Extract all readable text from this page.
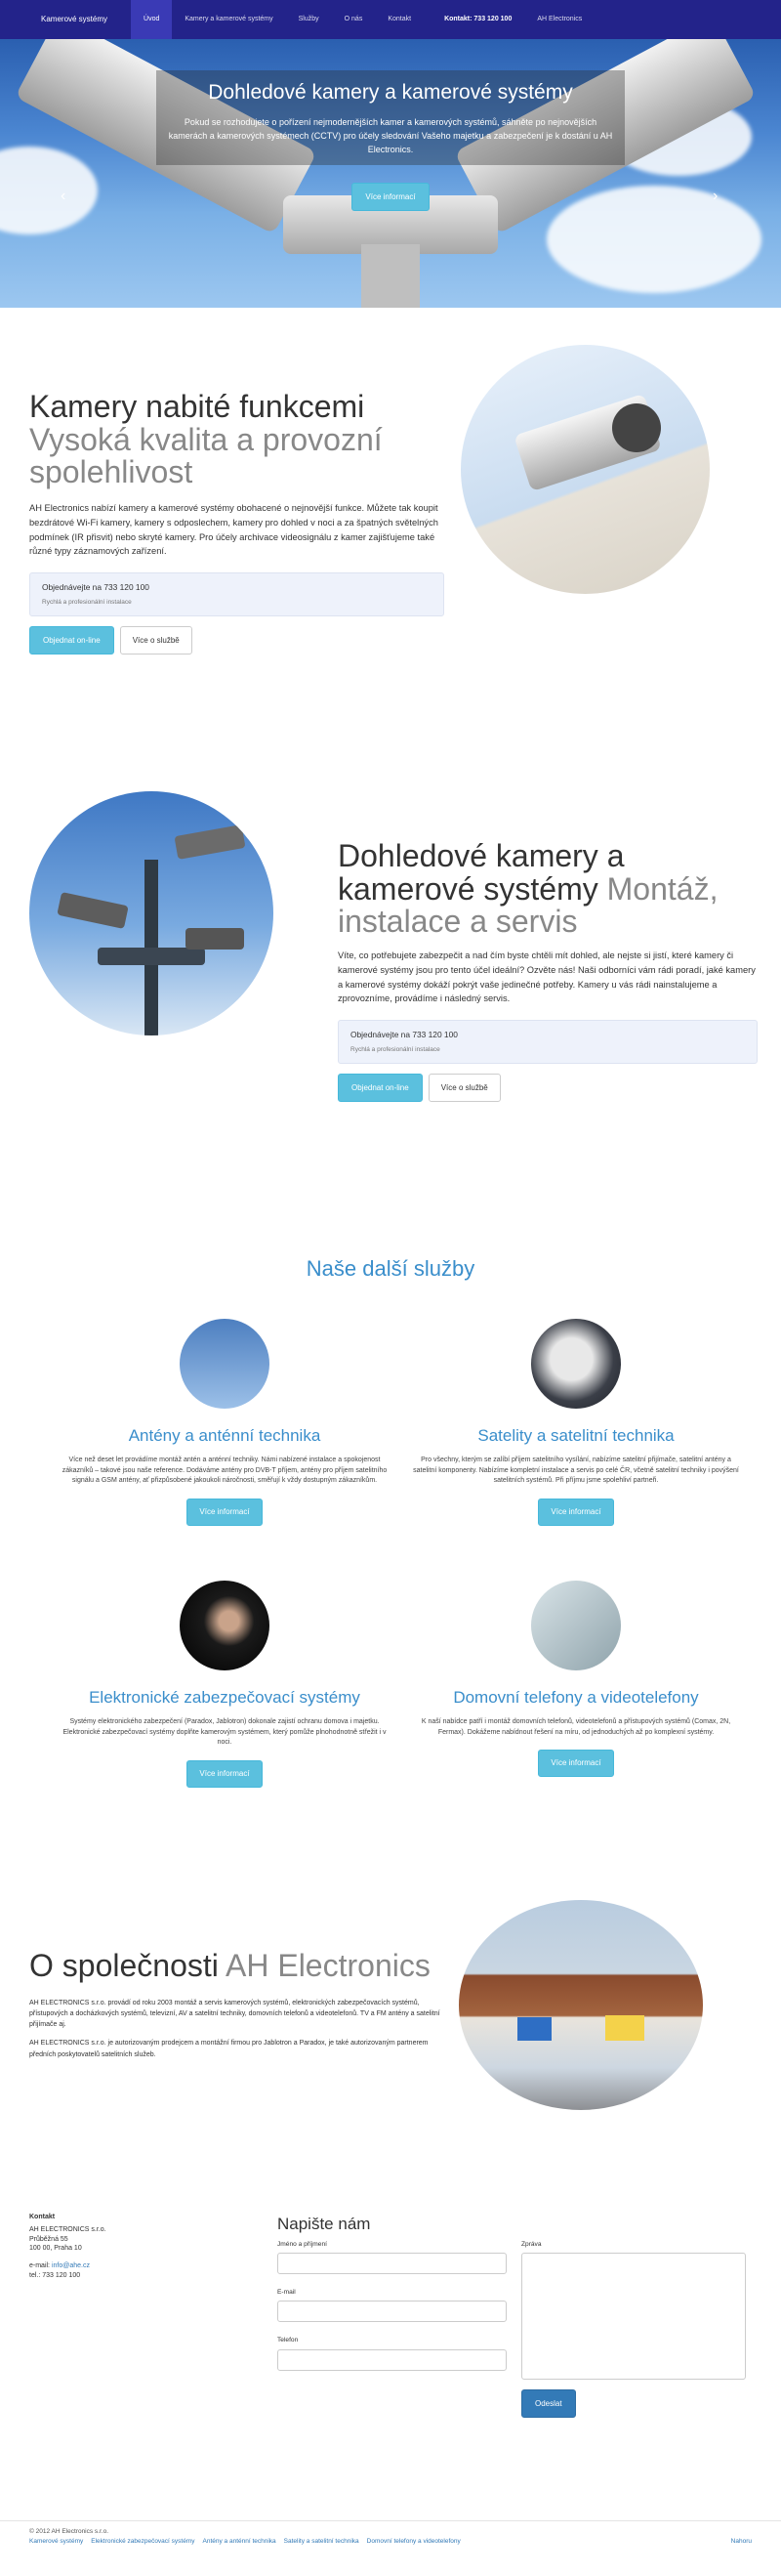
Kamerové systémy	Úvod	Kamery a kamerové systémy	Služby	O nás	Kontakt	Kontakt: 733 120 100	AH Electronics
‹	›
Dohledové kamery a kamerové systémy

Pokud se rozhodujete o pořízení nejmodernějších kamer a kamerových systémů, sáhněte po nejnovějších kamerách a kamerových systémech (CCTV) pro účely sledování Vašeho majetku a zabezpečení je k dostání u AH Electronics.

Více informací
Kamery nabité funkcemi
Vysoká kvalita a provozní spolehlivost

AH Electronics nabízí kamery a kamerové systémy obohacené o nejnovější funkce. Můžete tak koupit bezdrátové Wi-Fi kamery, kamery s odposlechem, kamery pro dohled v noci a za špatných světelných podmínek (IR přisvit) nebo skryté kamery. Pro účely archivace videosignálu z kamer zajišťujeme také různé typy záznamových zařízení.

Objednávejte na 733 120 100
Rychlá a profesionální instalace
Objednat on-line	Více o službě
Dohledové kamery a kamerové systémy Montáž, instalace a servis

Víte, co potřebujete zabezpečit a nad čím byste chtěli mít dohled, ale nejste si jistí, které kamery či kamerové systémy jsou pro tento účel ideální? Ozvěte nás! Naši odborníci vám rádi poradí, jaké kamery a kamerové systémy dokáží pokrýt vaše jedinečné potřeby. Kamery u vás rádi nainstalujeme a zprovozníme, provádíme i následný servis.

Objednávejte na 733 120 100
Rychlá a profesionální instalace
Objednat on-line	Více o službě
Naše další služby
Antény a anténní technika

Více než deset let provádíme montáž antén a anténní techniky. Námi nabízené instalace a spokojenost zákazníků – takové jsou naše reference. Dodáváme antény pro DVB-T příjem, antény pro příjem satelitního signálu a GSM antény, ať přizpůsobené jakoukoli náročnosti, směřují k vždy dostupným zákazníkům.

Více informací
Satelity a satelitní technika

Pro všechny, kterým se zalíbí příjem satelitního vysílání, nabízíme satelitní přijímače, satelitní antény a satelitní komponenty. Nabízíme kompletní instalace a servis po celé ČR, včetně satelitní techniky i povýšení satelitních systémů. Při příjmu jsme spolehliví partneři.

Více informací
Elektronické zabezpečovací systémy

Systémy elektronického zabezpečení (Paradox, Jablotron) dokonale zajistí ochranu domova i majetku. Elektronické zabezpečovací systémy doplňte kamerovým systémem, který pomůže plnohodnotně střežit i v noci.

Více informací
Domovní telefony a videotelefony

K naší nabídce patří i montáž domovních telefonů, videotelefonů a přístupových systémů (Comax, 2N, Fermax). Dokážeme nabídnout řešení na míru, od jednoduchých až po komplexní systémy.

Více informací
O společnosti AH Electronics

AH ELECTRONICS s.r.o. provádí od roku 2003 montáž a servis kamerových systémů, elektronických zabezpečovacích systémů, přístupových a docházkových systémů, televizní, AV a satelitní techniky, domovních telefonů a videotelefonů. TV a FM antény a satelitní přijímače aj.

AH ELECTRONICS s.r.o. je autorizovaným prodejcem a montážní firmou pro Jablotron a Paradox, je také autorizovaným partnerem předních poskytovatelů satelitních služeb.

Kontakt
AH ELECTRONICS s.r.o.
Průběžná 55
100 00, Praha 10
e-mail: info@ahe.cz
tel.: 733 120 100
Napište nám
Jméno a příjmení
E-mail
Telefon
Zpráva
Odeslat
© 2012 AH Electronics s.r.o.
Kamerové systémy Elektronické zabezpečovací systémy Antény a anténní technika Satelity a satelitní technika Domovní telefony a videotelefony	Nahoru
